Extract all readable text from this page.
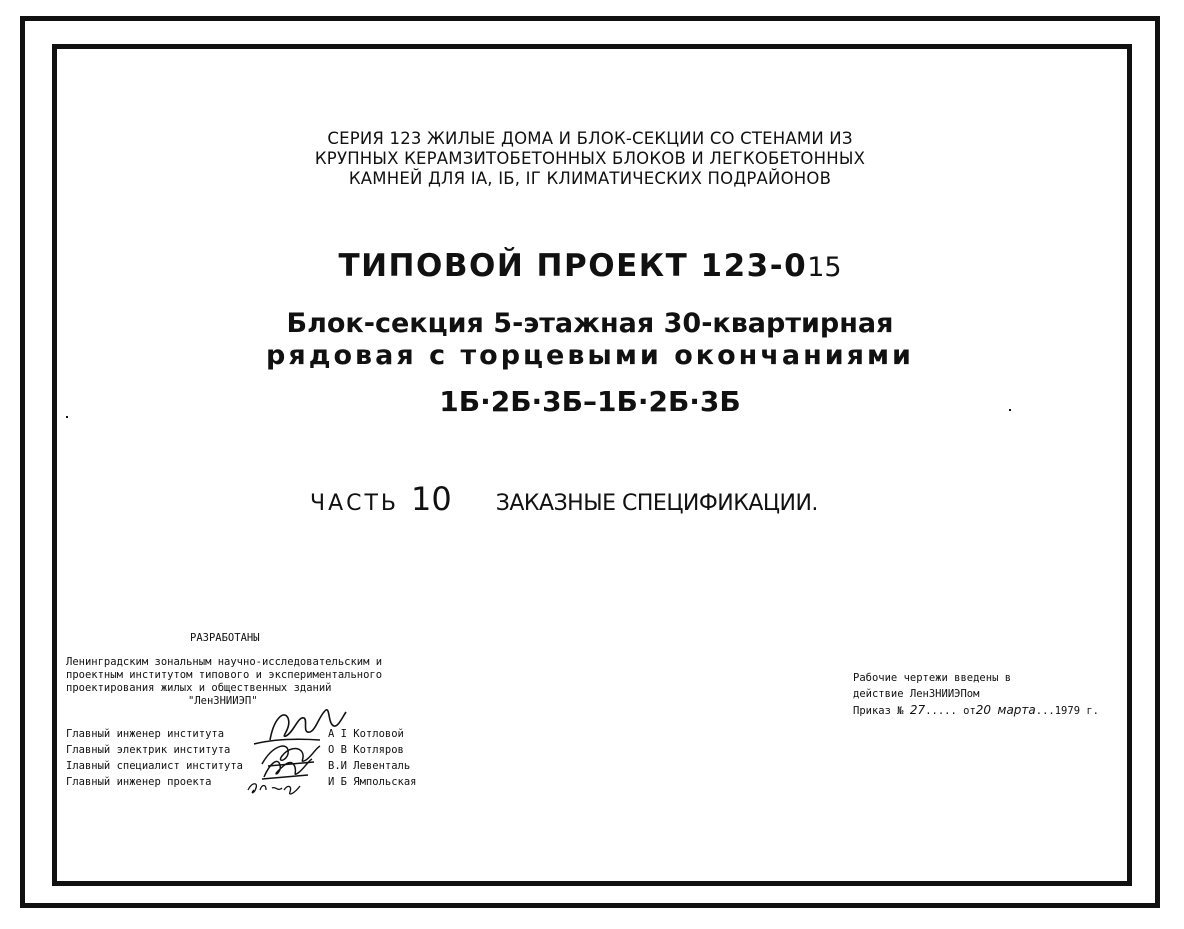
СЕРИЯ 123 ЖИЛЫЕ ДОМА И БЛОК-СЕКЦИИ СО СТЕНАМИ ИЗ
КРУПНЫХ КЕРАМЗИТОБЕТОННЫХ БЛОКОВ И ЛЕГКОБЕТОННЫХ
КАМНЕЙ ДЛЯ IА, IБ, IГ КЛИМАТИЧЕСКИХ ПОДРАЙОНОВ
ТИПОВОЙ ПРОЕКТ 123-015
Блок-секция 5-этажная 30-квартирная
рядовая с торцевыми окончаниями
1Б·2Б·3Б–1Б·2Б·3Б
ЧАСТЬ 10 ЗАКАЗНЫЕ СПЕЦИФИКАЦИИ.
РАЗРАБОТАНЫ
Ленинградским зональным научно-исследовательским и
проектным институтом типового и экспериментального
проектирования жилых и общественных зданий
"ЛенЗНИИЭП"
Главный инженер института	А I Котловой
Главный электрик института	О В Котляров
Iлавный специалист института	В.И Левенталь
Главный инженер проекта	И Б Ямпольская
Рабочие чертежи введены в
действие ЛенЗНИИЭПом
Приказ № 27..... от20 марта...1979 г.
